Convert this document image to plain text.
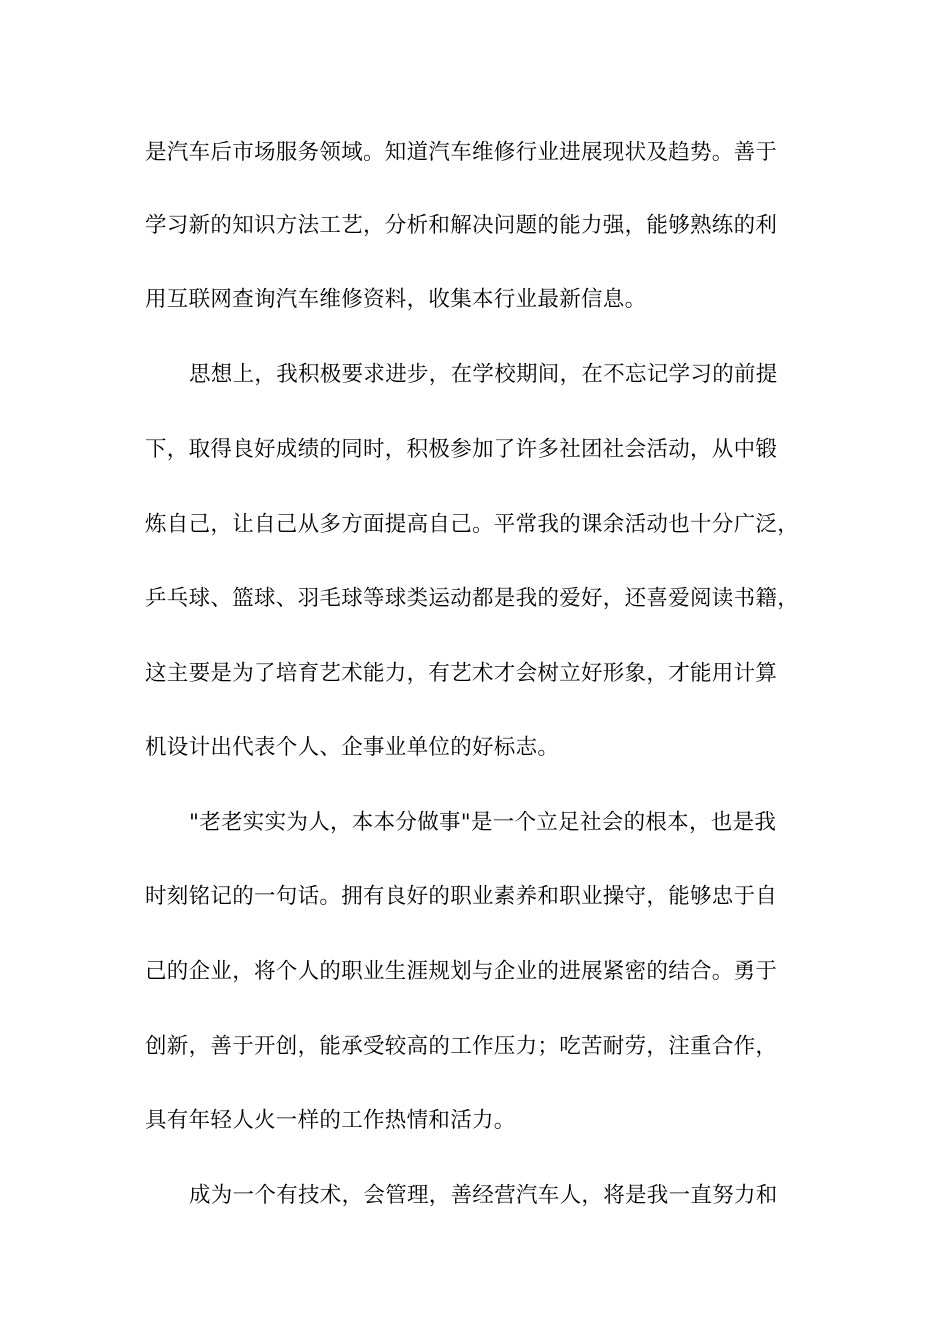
是汽车后市场服务领域。知道汽车维修行业进展现状及趋势。善于
学习新的知识方法工艺，分析和解决问题的能力强，能够熟练的利
用互联网查询汽车维修资料，收集本行业最新信息。
思想上，我积极要求进步，在学校期间，在不忘记学习的前提
下，取得良好成绩的同时，积极参加了许多社团社会活动，从中锻
炼自己，让自己从多方面提高自己。平常我的课余活动也十分广泛，
乒乓球、篮球、羽毛球等球类运动都是我的爱好，还喜爱阅读书籍，
这主要是为了培育艺术能力，有艺术才会树立好形象，才能用计算
机设计出代表个人、企事业单位的好标志。
"老老实实为人，本本分做事"是一个立足社会的根本，也是我
时刻铭记的一句话。拥有良好的职业素养和职业操守，能够忠于自
己的企业，将个人的职业生涯规划与企业的进展紧密的结合。勇于
创新，善于开创，能承受较高的工作压力；吃苦耐劳，注重合作，
具有年轻人火一样的工作热情和活力。
成为一个有技术，会管理，善经营汽车人，将是我一直努力和
